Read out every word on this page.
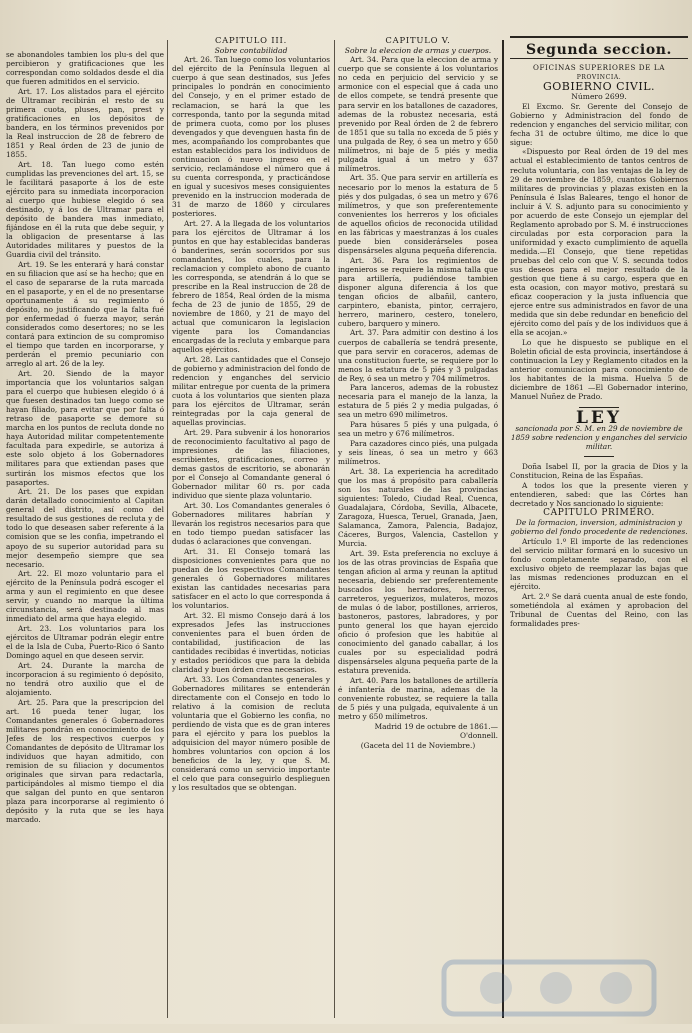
se abonandoles tambien los plu-s del que percibieron y gratificaciones que les correspondan como soldados desde el dia que fueren admitidos en el servicio.

Art. 17. Los alistados para el ejército de Ultramar recibirán el resto de su primera cuota, pluses, pan, prest y gratificaciones en los depósitos de bandera, en los términos prevenidos por la Real instruccion de 28 de febrero de 1851 y Real órden de 23 de junio de 1855.

Art. 18. Tan luego como estén cumplidas las prevenciones del art. 15, se le facilitará pasaporte á los de este ejército para su inmediata incorporacion al cuerpo que hubiese elegido ó sea destinado, y á los de Ultramar para el depósito de bandera mas inmediato, fijándose en él la ruta que debe seguir, y la obligacion de presentarse á las Autoridades militares y puestos de la Guardia civil del tránsito.

Art. 19. Se les enterará y hará constar en su filiacion que así se ha hecho; que en el caso de separarse de la ruta marcada en el pasaporte, y en el de no presentarse oportunamente á su regimiento ó depósito, no justificando que la falta fué por enfermedad ó fuerza mayor, serán considerados como desertores; no se les contará para extincion de su compromiso el tiempo que tarden en incorporarse, y perderán el premio pecuniario con arreglo al art. 26 de la ley.

Art. 20. Siendo de la mayor importancia que los voluntarios salgan para el cuerpo que hubiesen elegido ó á que fuesen destinados tan luego como se hayan filiado, para evitar que por falta ó retraso de pasaporte se demore su marcha en los puntos de recluta donde no haya Autoridad militar competentemente facultada para expedirle, se autoriza á este solo objeto á los Gobernadores militares para que extiendan pases que surtirán los mismos efectos que los pasaportes.

Art. 21. De los pases que expidan darán detallado conocimiento al Capitan general del distrito, así como del resultado de sus gestiones de recluta y de todo lo que deseasen saber referente á la comision que se les confia, impetrando el apoyo de su superior autoridad para su mejor desempeño siempre que sea necesario.

Art. 22. El mozo voluntario para el ejército de la Península podrá escoger el arma y aun el regimiento en que desee servir, y cuando no marque la última circunstancia, será destinado al mas inmediato del arma que haya elegido.

Art. 23. Los voluntarios para los ejércitos de Ultramar podrán elegir entre el de la Isla de Cuba, Puerto-Rico ó Santo Domingo aquel en que deseen servir.

Art. 24. Durante la marcha de incorporacion á su regimiento ó depósito, no tendrá otro auxilio que el de alojamiento.

Art. 25. Para que la prescripcion del art. 16 pueda tener lugar, los Comandantes generales ó Gobernadores militares pondrán en conocimiento de los Jefes de los respectivos cuerpos y Comandantes de depósito de Ultramar los individuos que hayan admitido, con remision de su filiacion y documentos originales que sirvan para redactarla, participándoles al mismo tiempo el dia que salgan del punto en que sentaron plaza para incorporarse al regimiento ó depósito y la ruta que se les haya marcado.

CAPITULO III.

Sobre contabilidad

Art. 26. Tan luego como los voluntarios del ejército de la Península lleguen al cuerpo á que sean destinados, sus Jefes principales lo pondrán en conocimiento del Consejo, y en el primer estado de reclamacion, se hará la que les corresponda, tanto por la segunda mitad de primera cuota, como por los pluses devengados y que devenguen hasta fin de mes, acompañando los comprobantes que estan establecidos para los individuos de continuacion ó nuevo ingreso en el servicio, reclamándose el número que á su cuenta corresponda, y practicándose en igual y sucesivos meses consiguientes prevenido en la instruccion moderada de 31 de marzo de 1860 y circulares posteriores.

Art. 27. A la llegada de los voluntarios para los ejércitos de Ultramar á los puntos en que hay establecidas banderas ó banderines, serán socorridos por sus comandantes, los cuales, para la reclamacion y completo abono de cuanto les corresponda, se atendrán á lo que se prescribe en la Real instruccion de 28 de febrero de 1854, Real órden de la misma fecha de 23 de junio de 1855, 29 de noviembre de 1860, y 21 de mayo del actual que comunicaron la legislacion vigente para los Comandancias encargadas de la recluta y embarque para aquellos ejércitos.

Art. 28. Las cantidades que el Consejo de gobierno y administracion del fondo de redencion y enganches del servicio militar entregue por cuenta de la primera cuota á los voluntarios que sienten plaza para los ejércitos de Ultramar, serán reintegradas por la caja general de aquellas provincias.

Art. 29. Para subvenir á los honorarios de reconocimiento facultativo al pago de impresiones de las filiaciones, escribientes, gratificaciones, correo y demas gastos de escritorio, se abonarán por el Consejo al Comandante general ó Gobernador militar 60 rs. por cada individuo que siente plaza voluntario.

Art. 30. Los Comandantes generales ó Gobernadores militares habrían y llevarán los registros necesarios para que en todo tiempo puedan satisfacer las dudas ó aclaraciones que convengan.

Art. 31. El Consejo tomará las disposiciones convenientes para que no puedan de los respectivos Comandantes generales ó Gobernadores militares existan las cantidades necesarias para satisfacer en el acto lo que corresponda á los voluntarios.

Art. 32. El mismo Consejo dará á los expresados Jefes las instrucciones convenientes para el buen órden de contabilidad, justificacion de las cantidades recibidas é invertidas, noticias y estados periódicos que para la debida claridad y buen órden crea necesarios.

Art. 33. Los Comandantes generales y Gobernadores militares se entenderán directamente con el Consejo en todo lo relativo á la comision de recluta voluntaria que el Gobierno les confia, no perdiendo de vista que es de gran interes para el ejército y para los pueblos la adquisicion del mayor número posible de hombres voluntarios con opcion á los beneficios de la ley, y que S. M. considerará como un servicio importante el celo que para conseguirlo desplieguen y los resultados que se obtengan.

CAPITULO V.

Sobre la eleccion de armas y cuerpos.

Art. 34. Para que la eleccion de arma y cuerpo que se consiente á los voluntarios no ceda en perjuicio del servicio y se armonice con el especial que á cada uno de ellos compete, se tendrá presente que para servir en los batallones de cazadores, ademas de la robustez necesaria, está prevenido por Real órden de 2 de febrero de 1851 que su talla no exceda de 5 piés y una pulgada de Rey, ó sea un metro y 650 milímetros, ni baje de 5 piés y media pulgada igual á un metro y 637 milímetros.

Art. 35. Que para servir en artillería es necesario por lo menos la estatura de 5 piés y dos pulgadas, ó sea un metro y 676 milímetros, y que son preferentemente convenientes los herreros y los oficiales de aquellos oficios de reconocida utilidad en las fábricas y maestranzas á los cuales puede bien considerárseles posea dispensárseles alguna pequeña diferencia.

Art. 36. Para los regimientos de ingenieros se requiere la misma talla que para artillería, pudiéndose tambien disponer alguna diferencia á los que tengan oficios de albañil, cantero, carpintero, ebanista, pintor, cerrajero, herrero, marinero, cestero, tonelero, cubero, barquero y minero.

Art. 37. Para admitir con destino á los cuerpos de caballería se tendrá presente, que para servir en coraceros, ademas de una constitucion fuerte, se requiere por lo menos la estatura de 5 piés y 3 pulgadas de Rey, ó sea un metro y 704 milímetros.

Para lanceros, ademas de la robustez necesaria para el manejo de la lanza, la estatura de 5 piés 2 y media pulgadas, ó sea un metro 690 milímetros.

Para húsares 5 piés y una pulgada, ó sea un metro y 676 milímetros.

Para cazadores cinco piés, una pulgada y seis líneas, ó sea un metro y 663 milímetros.

Art. 38. La experiencia ha acreditado que los mas á propósito para caballería son los naturales de las provincias siguientes: Toledo, Ciudad Real, Cuenca, Guadalajara, Córdoba, Sevilla, Albacete, Zaragoza, Huesca, Teruel, Granada, Jaen, Salamanca, Zamora, Palencia, Badajoz, Cáceres, Burgos, Valencia, Castellon y Murcia.

Art. 39. Esta preferencia no excluye á los de las otras provincias de España que tengan aficion al arma y reunan la aptitud necesaria, debiendo ser preferentemente buscados los herradores, herreros, carreteros, yeguerizos, mulateros, mozos de mulas ó de labor, postillones, arrieros, bastoneros, pastores, labradores, y por punto general los que hayan ejercido oficio ó profesion que les habitúe al conocimiento del ganado caballar, á los cuales por su especialidad podrá dispensárseles alguna pequeña parte de la estatura prevenida.

Art. 40. Para los batallones de artillería é infantería de marina, ademas de la conveniente robustez, se requiere la talla de 5 piés y una pulgada, equivalente á un metro y 650 milímetros.

Madrid 19 de octubre de 1861.—

O'donnell.

(Gaceta del 11 de Noviembre.)

Segunda seccion.

OFICINAS SUPERIORES DE LA

PROVINCIA.

GOBIERNO CIVIL.

Número 2699.

El Excmo. Sr. Gerente del Consejo de Gobierno y Administracion del fondo de redencion y enganches del servicio militar, con fecha 31 de octubre último, me dice lo que sigue:

«Dispuesto por Real órden de 19 del mes actual el establecimiento de tantos centros de recluta voluntaria, con las ventajas de la ley de 29 de noviembre de 1859, cuantos Gobiernos militares de provincias y plazas existen en la Península é Islas Baleares, tengo el honor de incluir á V. S. adjunto para su conocimiento y por acuerdo de este Consejo un ejemplar del Reglamento aprobado por S. M. é instrucciones circuladas por esta corporacion para la uniformidad y exacto cumplimiento de aquella medida.—El Consejo, que tiene repetidas pruebas del celo con que V. S. secunda todos sus deseos para el mejor resultado de la gestion que tiene á su cargo, espera que en esta ocasion, con mayor motivo, prestará su eficaz cooperacion y la justa influencia que ejerce entre sus administrados en favor de una medida que sin debe redundar en beneficio del ejército como del país y de los individuos que á ella se acojan.»

Lo que he dispuesto se publique en el Boletin oficial de esta provincia, insertándose á continuacion la Ley y Reglamento citados en la anterior comunicacion para conocimiento de los habitantes de la misma. Huelva 5 de diciembre de 1861 —El Gobernador interino, Manuel Nuñez de Prado.

LEY

sancionada por S. M. en 29 de noviembre de 1859 sobre redencion y enganches del servicio militar.

Doña Isabel II, por la gracia de Dios y la Constitucion, Reina de las Españas.

A todos los que la presente vieren y entendieren, sabed: que las Córtes han decretado y Nos sancionado lo siguiente:

CAPITULO PRIMERO.

De la formacion, inversion, administracion y gobierno del fondo procedente de redenciones.

Artículo 1.º El importe de las redenciones del servicio militar formará en lo sucesivo un fondo completamente separado, con el exclusivo objeto de reemplazar las bajas que las mismas redenciones produzcan en el ejército.

Art. 2.º Se dará cuenta anual de este fondo, sometiéndola al exámen y aprobacion del Tribunal de Cuentas del Reino, con las formalidades pres-
